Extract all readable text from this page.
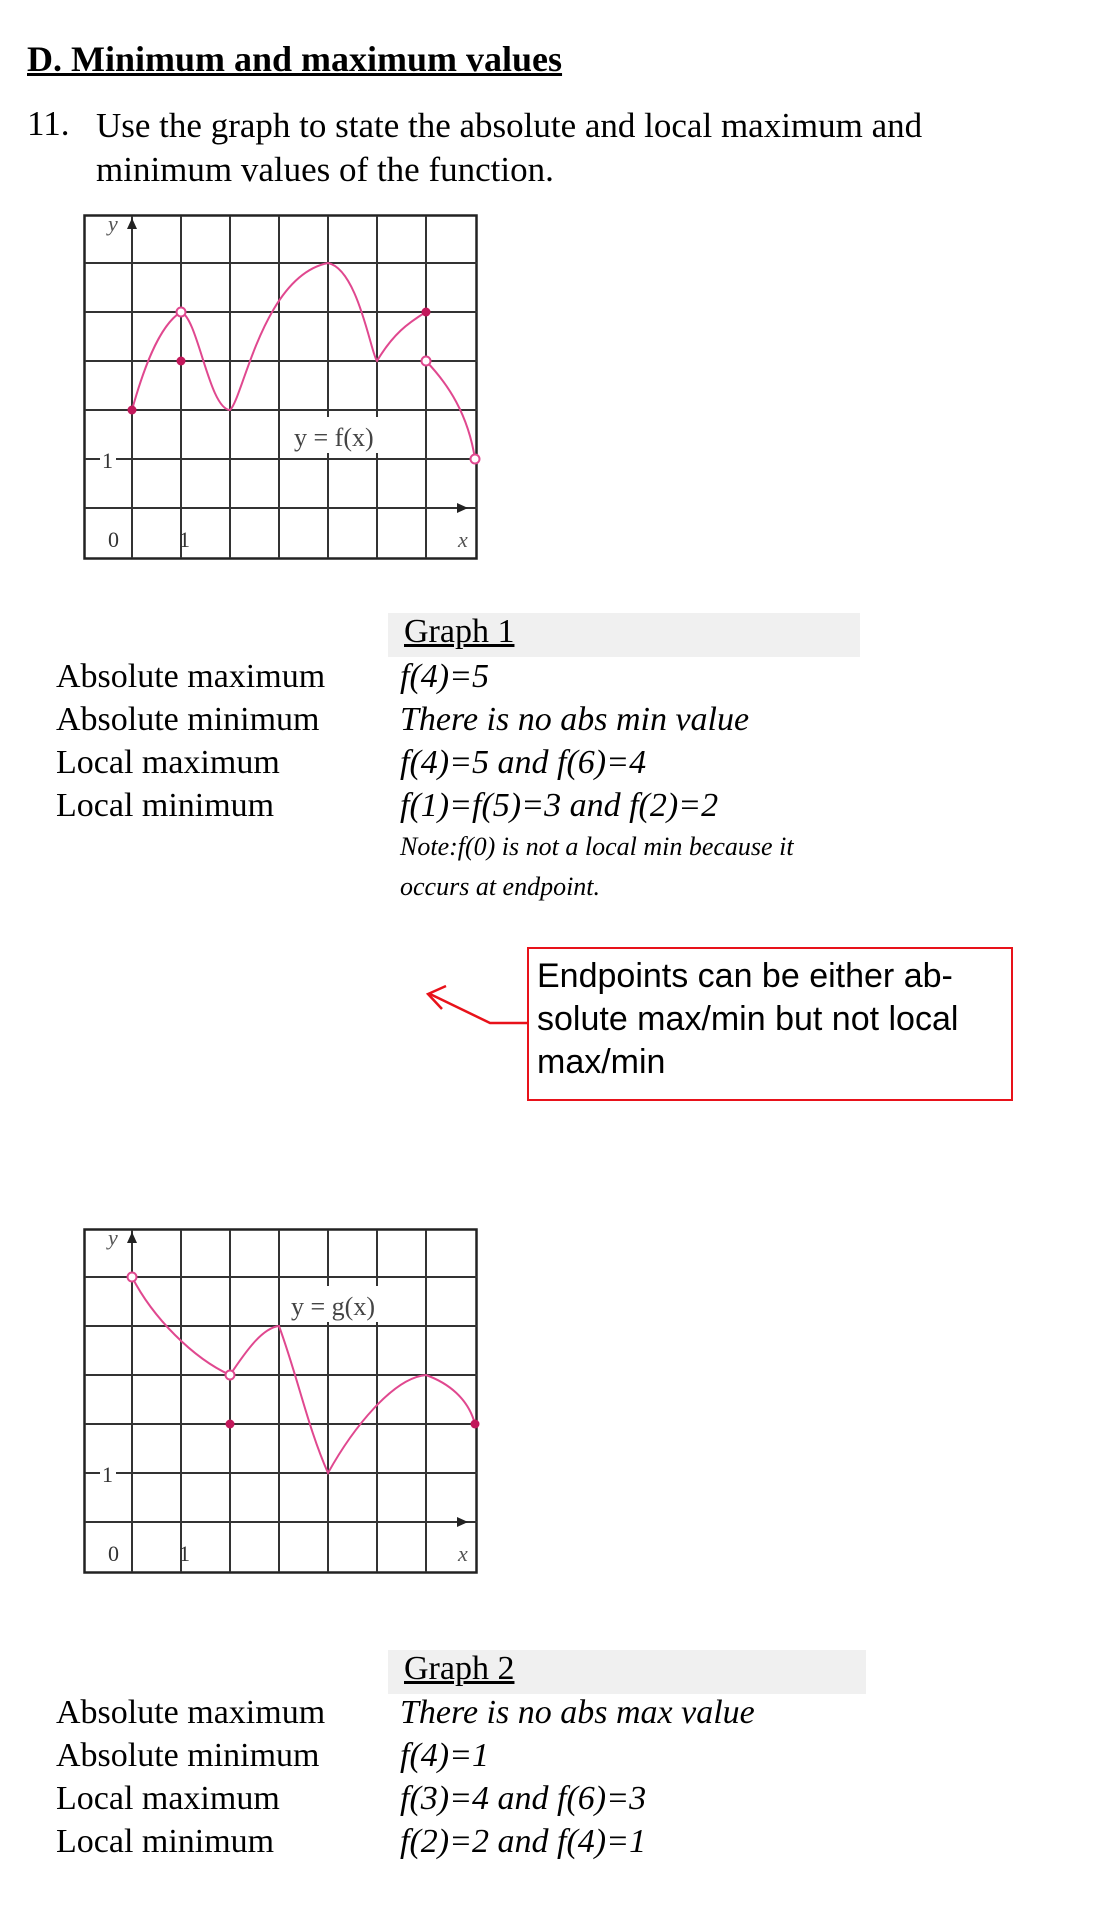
D. Minimum and maximum values
11. Use the graph to state the absolute and local maximum and minimum values of the function.
y
x
1
1
0
y = f(x)
Graph 1
Absolute maximum f(4)=5
Absolute minimum There is no abs min value
Local maximum	f(4)=5 and f(6)=4
Local minimum	f(1)=f(5)=3 and f(2)=2
Note:f(0) is not a local min because it
occurs at endpoint.
Endpoints can be either ab-
solute max/min but not local
max/min
y
x
1
1
0
y = g(x)
Graph 2
Absolute maximum There is no abs max value
Absolute minimum f(4)=1
Local maximum	f(3)=4 and f(6)=3
Local minimum	f(2)=2 and f(4)=1
